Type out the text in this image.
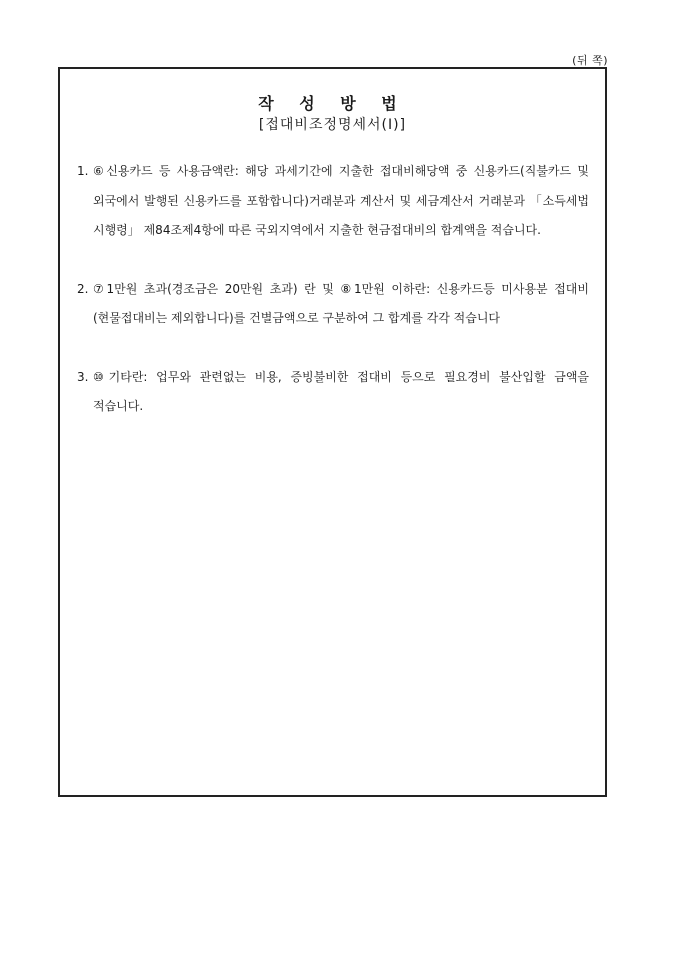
(뒤 쪽)
작 성 방 법
[접대비조정명세서(Ⅰ)]
1. ⑥신용카드 등 사용금액란: 해당 과세기간에 지출한 접대비해당액 중 신용카드(직불카드 및 외국에서 발행된 신용카드를 포함합니다)거래분과 계산서 및 세금계산서 거래분과 「소득세법 시행령」 제84조제4항에 따른 국외지역에서 지출한 현금접대비의 합계액을 적습니다.
2. ⑦1만원 초과(경조금은 20만원 초과) 란 및 ⑧1만원 이하란: 신용카드등 미사용분 접대비(현물접대비는 제외합니다)를 건별금액으로 구분하여 그 합계를 각각 적습니다
3. ⑩기타란: 업무와 관련없는 비용, 증빙불비한 접대비 등으로 필요경비 불산입할 금액을 적습니다.
